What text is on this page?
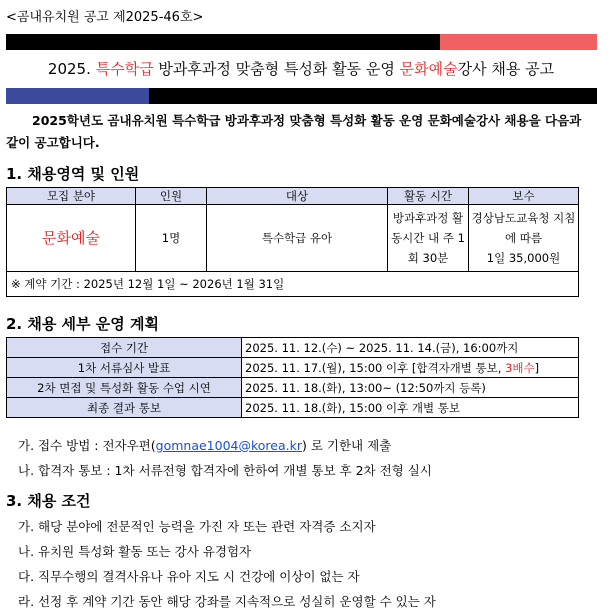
<곰내유치원 공고 제2025-46호>
2025. 특수학급 방과후과정 맞춤형 특성화 활동 운영 문화예술강사 채용 공고
2025학년도 곰내유치원 특수학급 방과후과정 맞춤형 특성화 활동 운영 문화예술강사 채용을 다음과 같이 공고합니다.
1. 채용영역 및 인원
모집 분야	인원	대상	활동 시간	보수
문화예술	1명	특수학급 유아	방과후과정 활동시간 내 주 1회 30분	경상남도교육청 지침에 따름
1일 35,000원

※ 계약 기간 : 2025년 12월 1일 ~ 2026년 1월 31일				
2. 채용 세부 운영 계획
접수 기간	2025. 11. 12.(수) ~ 2025. 11. 14.(금), 16:00까지
1차 서류심사 발표	2025. 11. 17.(월), 15:00 이후 [합격자개별 통보, 3배수]
2차 면접 및 특성화 활동 수업 시연	2025. 11. 18.(화), 13:00~ (12:50까지 등록)
최종 결과 통보	2025. 11. 18.(화), 15:00 이후 개별 통보
가. 접수 방법 : 전자우편(gomnae1004@korea.kr) 로 기한내 제출
나. 합격자 통보 : 1차 서류전형 합격자에 한하여 개별 통보 후 2차 전형 실시
3. 채용 조건
가. 해당 분야에 전문적인 능력을 가진 자 또는 관련 자격증 소지자
나. 유치원 특성화 활동 또는 강사 유경험자
다. 직무수행의 결격사유나 유아 지도 시 건강에 이상이 없는 자
라. 선정 후 계약 기간 동안 해당 강좌를 지속적으로 성실히 운영할 수 있는 자
